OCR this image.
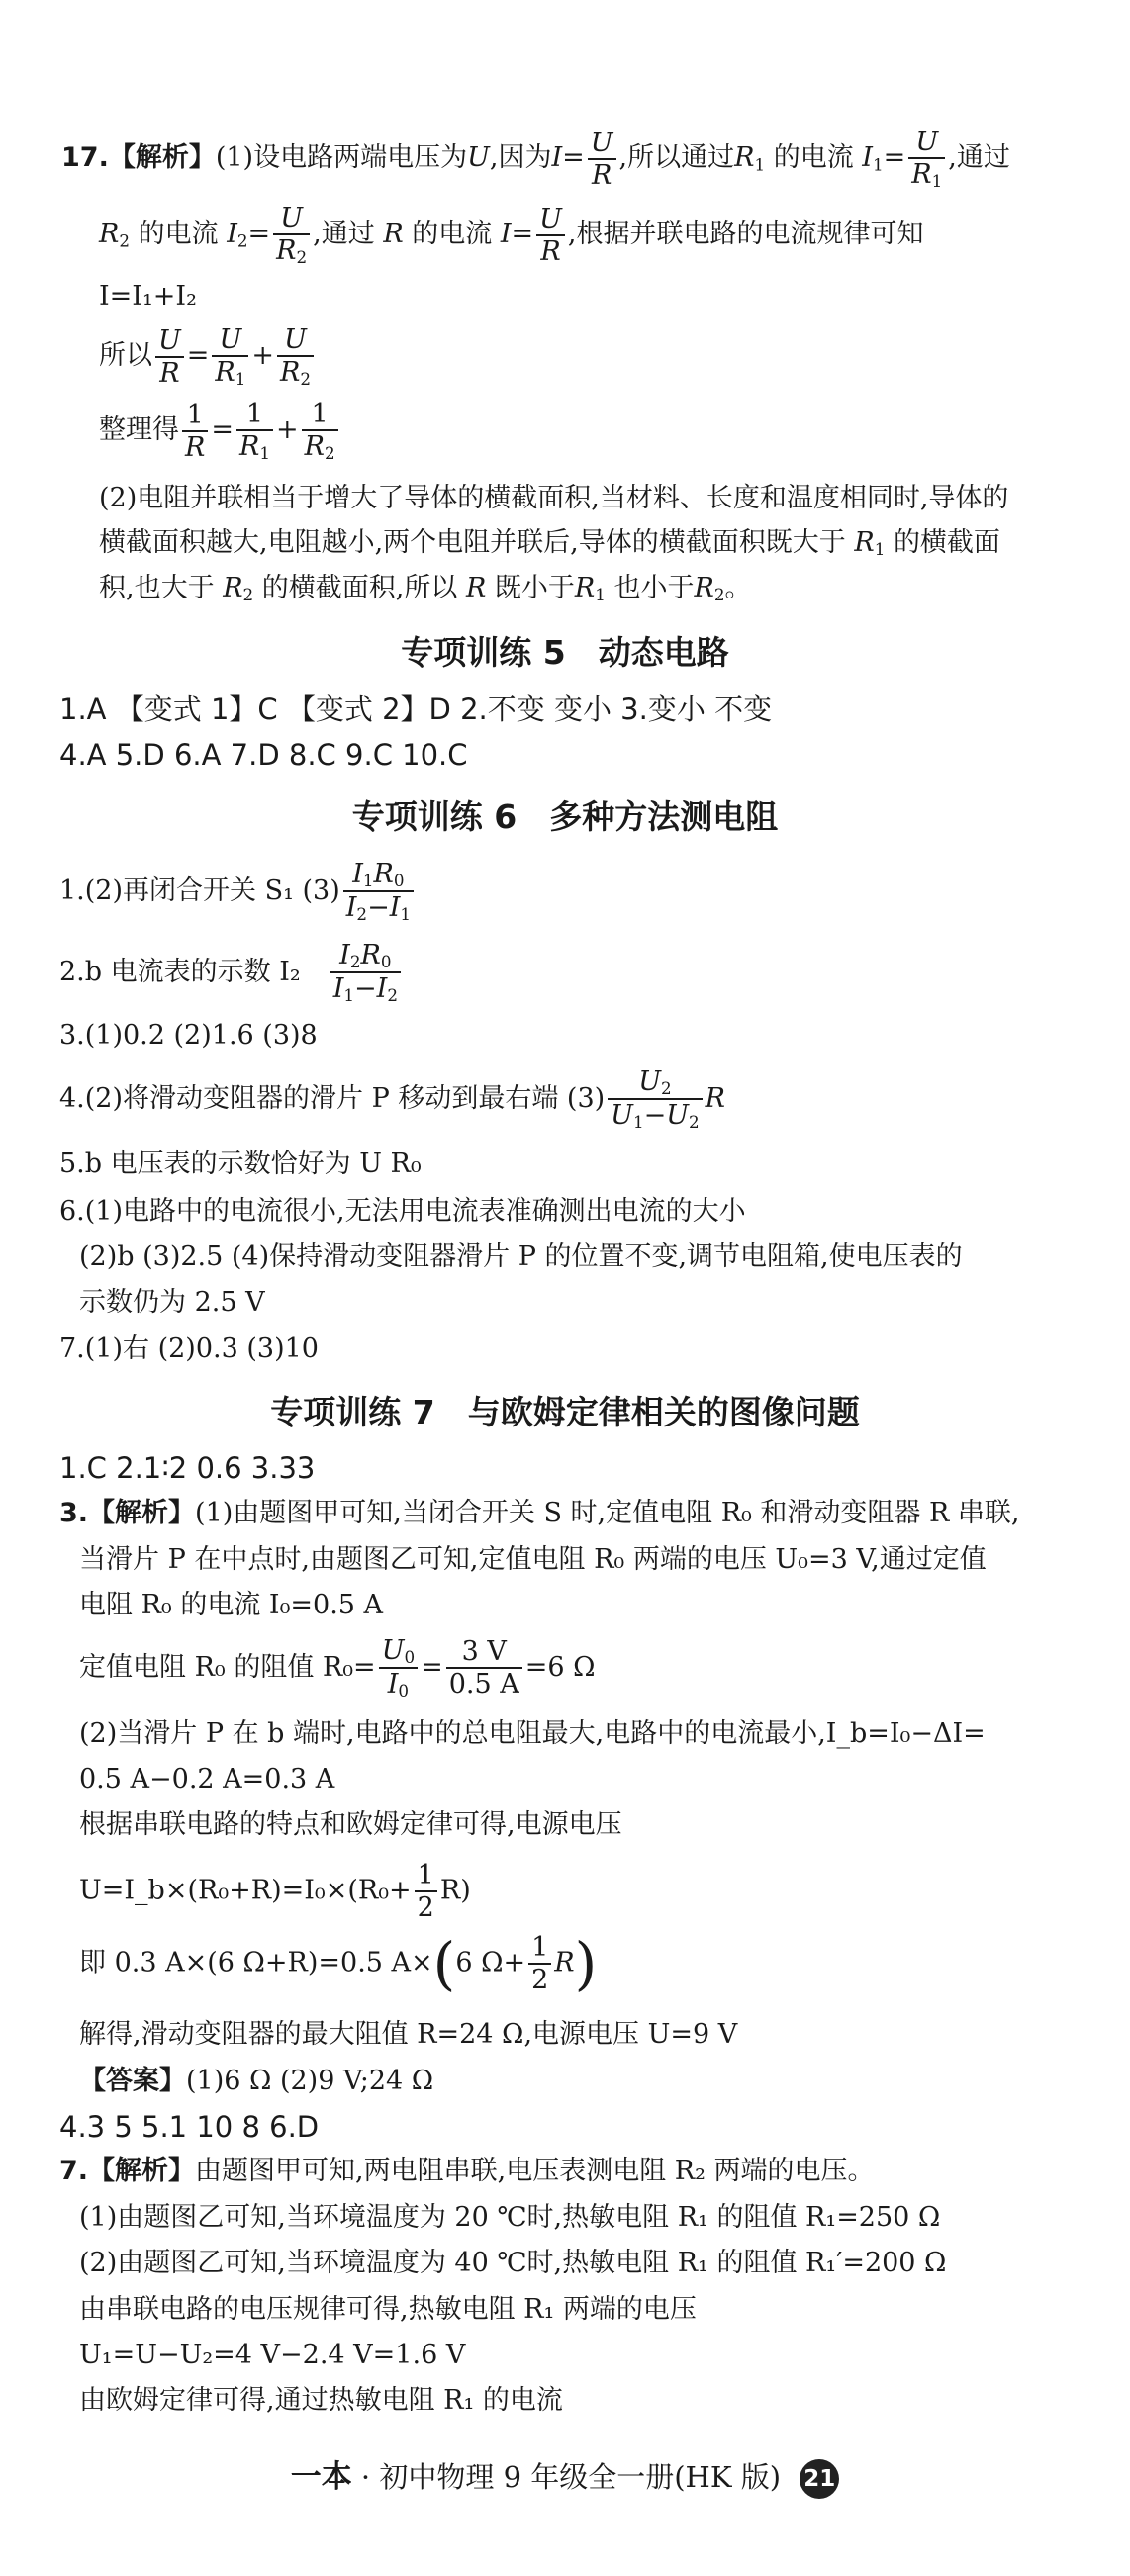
17.【解析】(1)设电路两端电压为U,因为$I= \frac{U}{R}$ ,所以通过$R_1$ 的电流 $I_1= \frac{U}{R_1}$ ,通过
$R_2$ 的电流 $I_2= \frac{U}{R_2}$ ,通过 R 的电流 $I= \frac{U}{R}$ ,根据并联电路的电流规律可知
I=I₁+I₂
所以 $\frac{U}{R} = \frac{U}{R_1} + \frac{U}{R_2}$
整理得 $\frac{1}{R} = \frac{1}{R_1} + \frac{1}{R_2}$
(2)电阻并联相当于增大了导体的横截面积,当材料、长度和温度相同时,导体的
横截面积越大,电阻越小,两个电阻并联后,导体的横截面积既大于 $R_1$ 的横截面
积,也大于 $R_2$ 的横截面积,所以 R 既小于$R_1$ 也小于$R_2$。
专项训练 5　动态电路
1.A 【变式 1】C 【变式 2】D 2.不变 变小 3.变小 不变
4.A 5.D 6.A 7.D 8.C 9.C 10.C
专项训练 6　多种方法测电阻
1.(2)再闭合开关 S₁ $(3) \frac{I_1R_0}{I_2-I_1}$
2.b 电流表的示数 I₂　 $\frac{I_2R_0}{I_1-I_2}$
3.(1)0.2 (2)1.6 (3)8
4.(2)将滑动变阻器的滑片 P 移动到最右端 $(3) \frac{U_2}{U_1-U_2}$ R
5.b 电压表的示数恰好为 U R₀
6.(1)电路中的电流很小,无法用电流表准确测出电流的大小
(2)b (3)2.5 (4)保持滑动变阻器滑片 P 的位置不变,调节电阻箱,使电压表的
示数仍为 2.5 V
7.(1)右 (2)0.3 (3)10
专项训练 7　与欧姆定律相关的图像问题
1.C 2.1∶2 0.6 3.33
3.【解析】(1)由题图甲可知,当闭合开关 S 时,定值电阻 R₀ 和滑动变阻器 R 串联,
当滑片 P 在中点时,由题图乙可知,定值电阻 R₀ 两端的电压 U₀=3 V,通过定值
电阻 R₀ 的电流 I₀=0.5 A
定值电阻 R₀ 的阻值 $R_0= \frac{U_0}{I_0} = \frac{3 V}{0.5 A} =6$ Ω
(2)当滑片 P 在 b 端时,电路中的总电阻最大,电路中的电流最小,I_b=I₀−ΔI=
0.5 A−0.2 A=0.3 A
根据串联电路的特点和欧姆定律可得,电源电压
U=I_b×(R₀+R)=I₀×(R₀+ $\frac{1}{2} R$)
即 0.3 A×(6 Ω+R)=0.5 A×(6 $\Omega+ \frac{1}{2} R$)
解得,滑动变阻器的最大阻值 R=24 Ω,电源电压 U=9 V
【答案】(1)6 Ω (2)9 V;24 Ω
4.3 5 5.1 10 8 6.D
7.【解析】由题图甲可知,两电阻串联,电压表测电阻 R₂ 两端的电压。
(1)由题图乙可知,当环境温度为 20 ℃时,热敏电阻 R₁ 的阻值 R₁=250 Ω
(2)由题图乙可知,当环境温度为 40 ℃时,热敏电阻 R₁ 的阻值 R₁′=200 Ω
由串联电路的电压规律可得,热敏电阻 R₁ 两端的电压
U₁=U−U₂=4 V−2.4 V=1.6 V
由欧姆定律可得,通过热敏电阻 R₁ 的电流
一本 · 初中物理 9 年级全一册(HK 版) 21
